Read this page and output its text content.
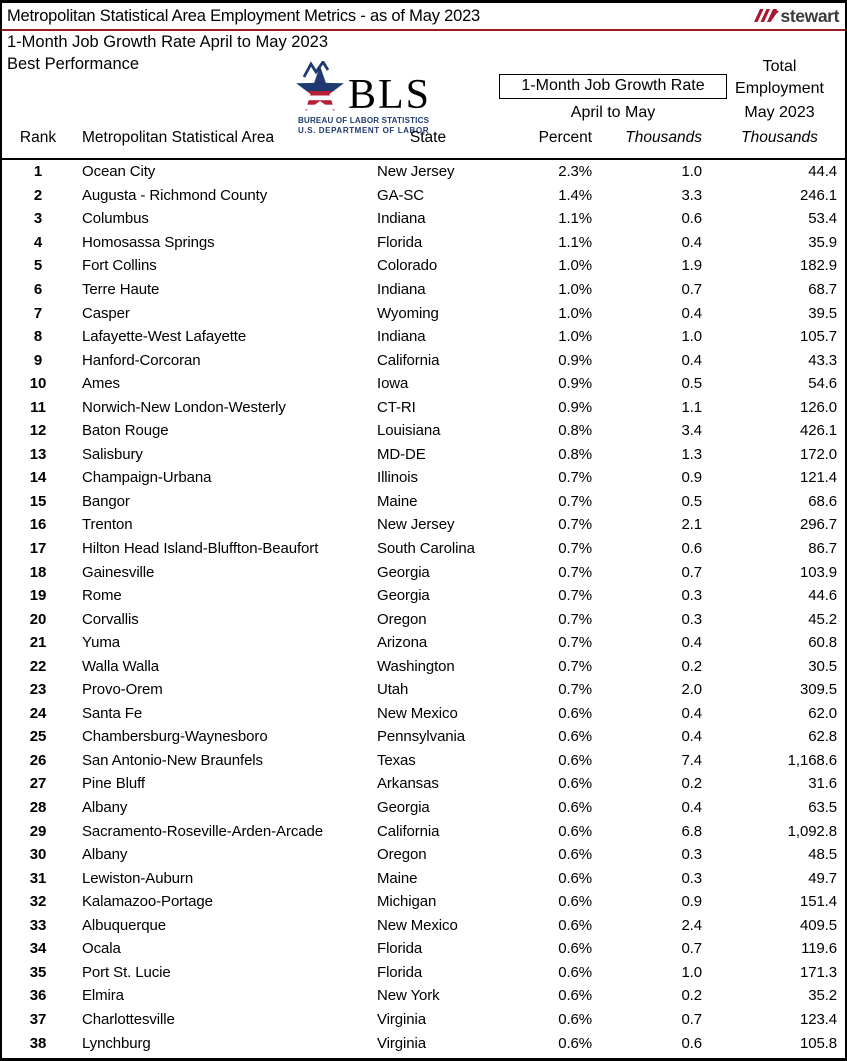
Metropolitan Statistical Area Employment Metrics - as of May 2023	stewart
1-Month Job Growth Rate April to May 2023
Best Performance
BLS
BUREAU OF LABOR STATISTICS
U.S. DEPARTMENT OF LABOR
1-Month Job Growth Rate
April to May
Total
Employment
May 2023
Rank	Metropolitan Statistical Area	State	Percent	Thousands	Thousands
1	Ocean City	New Jersey	2.3%	1.0	44.4
2	Augusta - Richmond County	GA-SC	1.4%	3.3	246.1
3	Columbus	Indiana	1.1%	0.6	53.4
4	Homosassa Springs	Florida	1.1%	0.4	35.9
5	Fort Collins	Colorado	1.0%	1.9	182.9
6	Terre Haute	Indiana	1.0%	0.7	68.7
7	Casper	Wyoming	1.0%	0.4	39.5
8	Lafayette-West Lafayette	Indiana	1.0%	1.0	105.7
9	Hanford-Corcoran	California	0.9%	0.4	43.3
10	Ames	Iowa	0.9%	0.5	54.6
11	Norwich-New London-Westerly	CT-RI	0.9%	1.1	126.0
12	Baton Rouge	Louisiana	0.8%	3.4	426.1
13	Salisbury	MD-DE	0.8%	1.3	172.0
14	Champaign-Urbana	Illinois	0.7%	0.9	121.4
15	Bangor	Maine	0.7%	0.5	68.6
16	Trenton	New Jersey	0.7%	2.1	296.7
17	Hilton Head Island-Bluffton-Beaufort	South Carolina	0.7%	0.6	86.7
18	Gainesville	Georgia	0.7%	0.7	103.9
19	Rome	Georgia	0.7%	0.3	44.6
20	Corvallis	Oregon	0.7%	0.3	45.2
21	Yuma	Arizona	0.7%	0.4	60.8
22	Walla Walla	Washington	0.7%	0.2	30.5
23	Provo-Orem	Utah	0.7%	2.0	309.5
24	Santa Fe	New Mexico	0.6%	0.4	62.0
25	Chambersburg-Waynesboro	Pennsylvania	0.6%	0.4	62.8
26	San Antonio-New Braunfels	Texas	0.6%	7.4	1,168.6
27	Pine Bluff	Arkansas	0.6%	0.2	31.6
28	Albany	Georgia	0.6%	0.4	63.5
29	Sacramento-Roseville-Arden-Arcade	California	0.6%	6.8	1,092.8
30	Albany	Oregon	0.6%	0.3	48.5
31	Lewiston-Auburn	Maine	0.6%	0.3	49.7
32	Kalamazoo-Portage	Michigan	0.6%	0.9	151.4
33	Albuquerque	New Mexico	0.6%	2.4	409.5
34	Ocala	Florida	0.6%	0.7	119.6
35	Port St. Lucie	Florida	0.6%	1.0	171.3
36	Elmira	New York	0.6%	0.2	35.2
37	Charlottesville	Virginia	0.6%	0.7	123.4
38	Lynchburg	Virginia	0.6%	0.6	105.8
